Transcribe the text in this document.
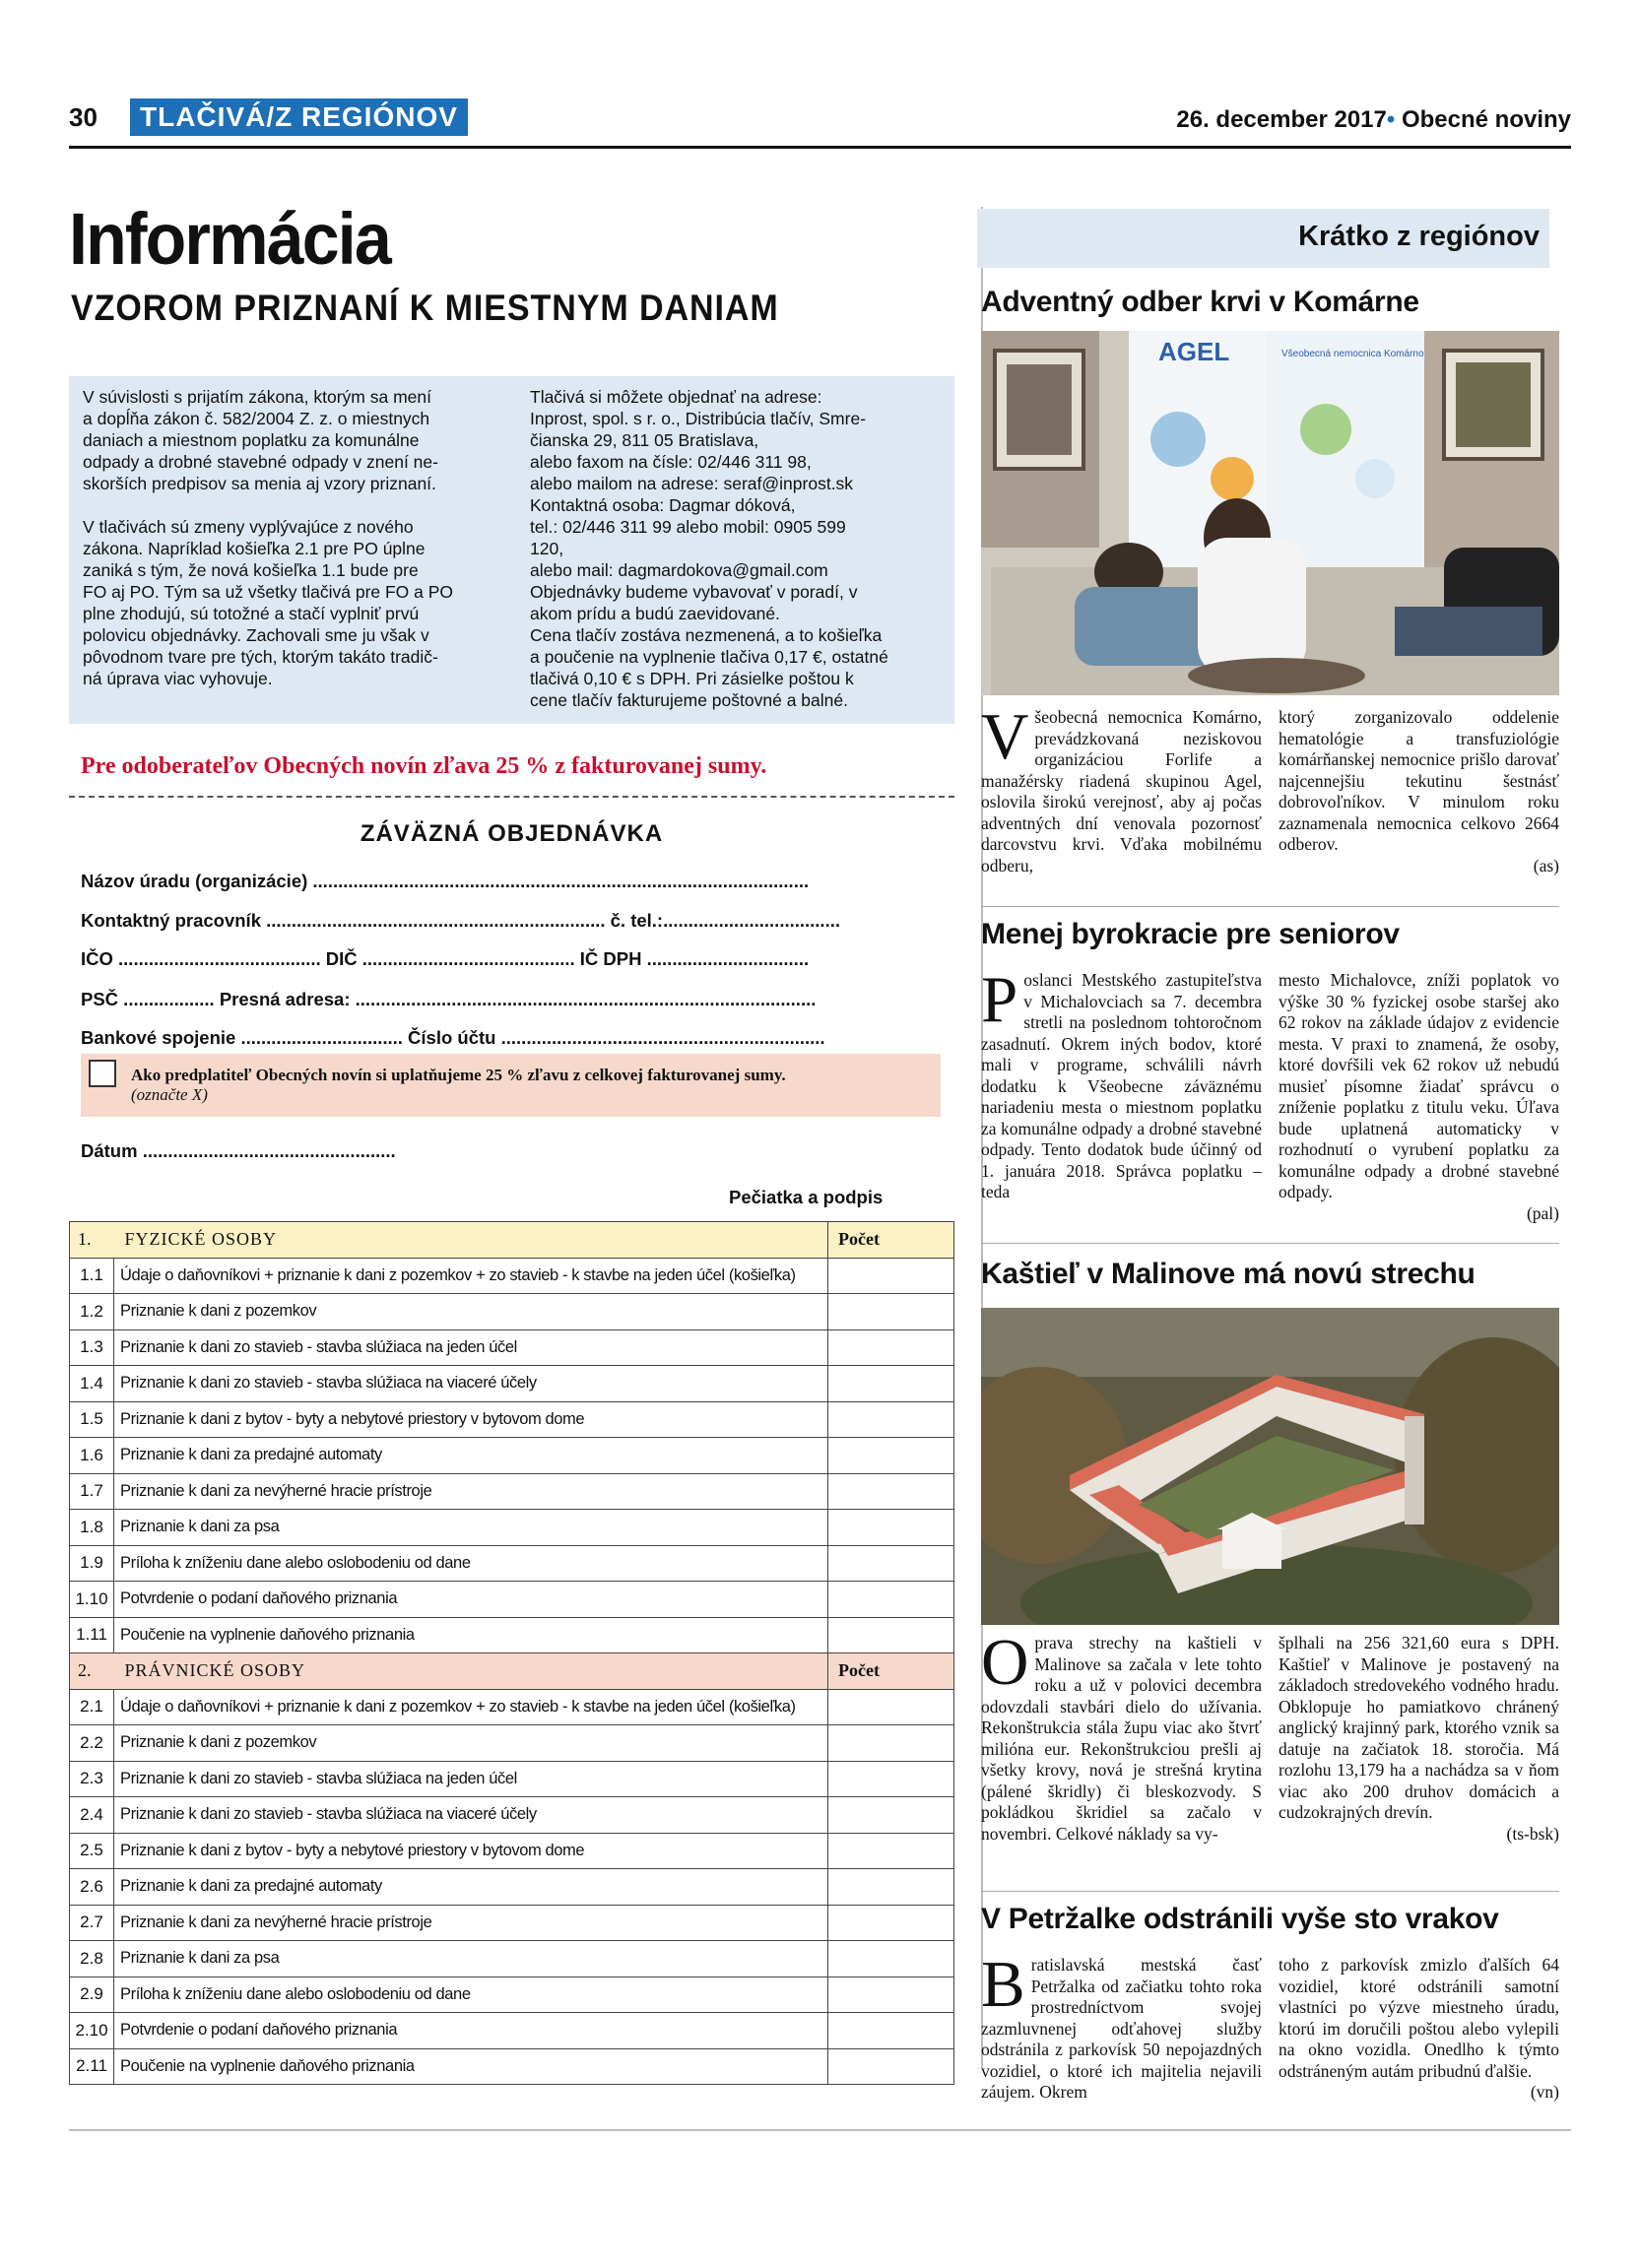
30	TLAČIVÁ/Z REGIÓNOV	26. december 2017• Obecné noviny
Informácia
VZOROM PRIZNANÍ K MIESTNYM DANIAM
V súvislosti s prijatím zákona, ktorým sa mení
a dopĺňa zákon č. 582/2004 Z. z. o miestnych
daniach a miestnom poplatku za komunálne
odpady a drobné stavebné odpady v znení ne-
skorších predpisov sa menia aj vzory priznaní.

V tlačivách sú zmeny vyplývajúce z nového
zákona. Napríklad košieľka 2.1 pre PO úplne
zaniká s tým, že nová košieľka 1.1 bude pre
FO aj PO. Tým sa už všetky tlačivá pre FO a PO
plne zhodujú, sú totožné a stačí vyplniť prvú
polovicu objednávky. Zachovali sme ju však v
pôvodnom tvare pre tých, ktorým takáto tradič-
ná úprava viac vyhovuje.
Tlačivá si môžete objednať na adrese:
Inprost, spol. s r. o., Distribúcia tlačív, Smre-
čianska 29, 811 05 Bratislava,
alebo faxom na čísle: 02/446 311 98,
alebo mailom na adrese: seraf@inprost.sk
Kontaktná osoba: Dagmar dóková,
tel.: 02/446 311 99 alebo mobil: 0905 599
120,
alebo mail: dagmardokova@gmail.com
Objednávky budeme vybavovať v poradí, v
akom prídu a budú zaevidované.
Cena tlačív zostáva nezmenená, a to košieľka
a poučenie na vyplnenie tlačiva 0,17 €, ostatné
tlačivá 0,10 € s DPH. Pri zásielke poštou k
cene tlačív fakturujeme poštovné a balné.
Pre odoberateľov Obecných novín zľava 25 % z fakturovanej sumy.
ZÁVÄZNÁ OBJEDNÁVKA
Názov úradu (organizácie) ..................................................................................................
Kontaktný pracovník ................................................................... č. tel.:...................................
IČO ........................................ DIČ .......................................... IČ DPH ................................
PSČ .................. Presná adresa: ...........................................................................................
Bankové spojenie ................................ Číslo účtu ................................................................
Ako predplatiteľ Obecných novín si uplatňujeme 25 % zľavu z celkovej fakturovanej sumy.
(označte X)
Dátum ..................................................
Pečiatka a podpis
1. FYZICKÉ OSOBY		Počet
1.1	Údaje o daňovníkovi + priznanie k dani z pozemkov + zo stavieb - k stavbe na jeden účel (košieľka)	
1.2	Priznanie k dani z pozemkov	
1.3	Priznanie k dani zo stavieb - stavba slúžiaca na jeden účel	
1.4	Priznanie k dani zo stavieb - stavba slúžiaca na viaceré účely	
1.5	Priznanie k dani z bytov - byty a nebytové priestory v bytovom dome	
1.6	Priznanie k dani za predajné automaty	
1.7	Priznanie k dani za nevýherné hracie prístroje	
1.8	Priznanie k dani za psa	
1.9	Príloha k zníženiu dane alebo oslobodeniu od dane	
1.10	Potvrdenie o podaní daňového priznania	
1.11	Poučenie na vyplnenie daňového priznania	
2. PRÁVNICKÉ OSOBY		Počet
2.1	Údaje o daňovníkovi + priznanie k dani z pozemkov + zo stavieb - k stavbe na jeden účel (košieľka)	
2.2	Priznanie k dani z pozemkov	
2.3	Priznanie k dani zo stavieb - stavba slúžiaca na jeden účel	
2.4	Priznanie k dani zo stavieb - stavba slúžiaca na viaceré účely	
2.5	Priznanie k dani z bytov - byty a nebytové priestory v bytovom dome	
2.6	Priznanie k dani za predajné automaty	
2.7	Priznanie k dani za nevýherné hracie prístroje	
2.8	Priznanie k dani za psa	
2.9	Príloha k zníženiu dane alebo oslobodeniu od dane	
2.10	Potvrdenie o podaní daňového priznania	
2.11	Poučenie na vyplnenie daňového priznania	
Krátko z regiónov
Adventný odber krvi v Komárne
AGEL	Všeobecná nemocnica Komárno
Všeobecná nemocnica Komárno, prevádzkovaná neziskovou organizáciou Forlife a manažérsky riadená skupinou Agel, oslovila širokú verejnosť, aby aj počas adventných dní venovala pozornosť darcovstvu krvi. Vďaka mobilnému odberu,
ktorý zorganizovalo oddelenie hematológie a transfuziológie komárňanskej nemocnice prišlo darovať najcennejšiu tekutinu šestnásť dobrovoľníkov. V minulom roku zaznamenala nemocnica celkovo 2664 odberov.
(as)
Menej byrokracie pre seniorov
Poslanci Mestského zastupiteľstva v Michalovciach sa 7. decembra stretli na poslednom tohtoročnom zasadnutí. Okrem iných bodov, ktoré mali v programe, schválili návrh dodatku k Všeobecne záväznému nariadeniu mesta o miestnom poplatku za komunálne odpady a drobné stavebné odpady. Tento dodatok bude účinný od 1. januára 2018. Správca poplatku – teda
mesto Michalovce, zníži poplatok vo výške 30 % fyzickej osobe staršej ako 62 rokov na základe údajov z evidencie mesta. V praxi to znamená, že osoby, ktoré dovŕšili vek 62 rokov už nebudú musieť písomne žiadať správcu o zníženie poplatku z titulu veku. Úľava bude uplatnená automaticky v rozhodnutí o vyrubení poplatku za komunálne odpady a drobné stavebné odpady.
(pal)
Kaštieľ v Malinove má novú strechu
Oprava strechy na kaštieli v Malinove sa začala v lete tohto roku a už v polovici decembra odovzdali stavbári dielo do užívania. Rekonštrukcia stála župu viac ako štvrť milióna eur. Rekonštrukciou prešli aj všetky krovy, nová je strešná krytina (pálené škridly) či bleskozvody. S pokládkou škridiel sa začalo v novembri. Celkové náklady sa vy-
šplhali na 256 321,60 eura s DPH. Kaštieľ v Malinove je postavený na základoch stredovekého vodného hradu. Obklopuje ho pamiatkovo chránený anglický krajinný park, ktorého vznik sa datuje na začiatok 18. storočia. Má rozlohu 13,179 ha a nachádza sa v ňom viac ako 200 druhov domácich a cudzokrajných drevín.
(ts-bsk)
V Petržalke odstránili vyše sto vrakov
Bratislavská mestská časť Petržalka od začiatku tohto roka prostredníctvom svojej zazmluvnenej odťahovej služby odstránila z parkovísk 50 nepojazdných vozidiel, o ktoré ich majitelia nejavili záujem. Okrem
toho z parkovísk zmizlo ďalších 64 vozidiel, ktoré odstránili samotní vlastníci po výzve miestneho úradu, ktorú im doručili poštou alebo vylepili na okno vozidla. Onedlho k týmto odstráneným autám pribudnú ďalšie.
(vn)
